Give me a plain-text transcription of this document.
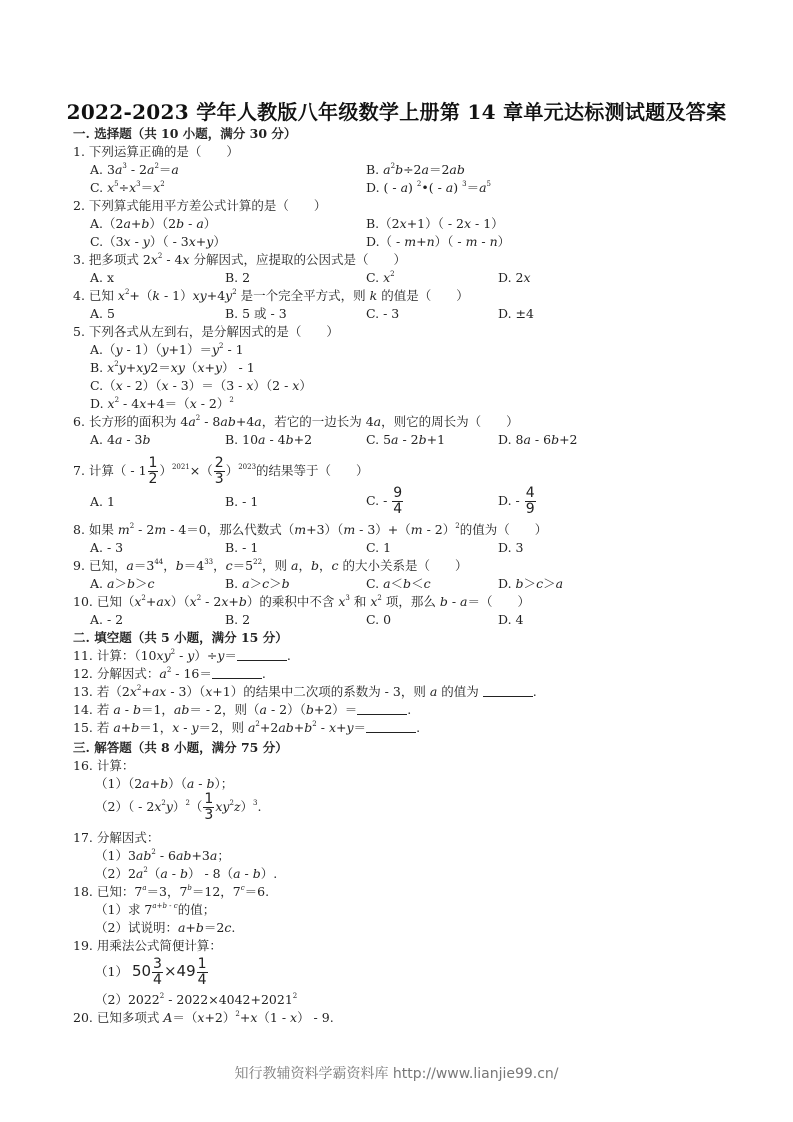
2022-2023 学年人教版八年级数学上册第 14 章单元达标测试题及答案
一. 选择题（共 10 小题，满分 30 分）
1. 下列运算正确的是（　　）
A. $3a^3 - 2a^2=a$	B. $a^2b\div 2a=2ab$
C. $x^5\div x^3=x^2$	D. ( - a) $^2$•( - a) $^3=a^5$
2. 下列算式能用平方差公式计算的是（　　）
A.（2a+b）（2b - a）	B.（2x+1）（ - 2x - 1）
C.（3x - y）（ - 3x+y）	D.（ - m+n）（ - m - n）
3. 把多项式 $2x^2 - 4x$ 分解因式，应提取的公因式是（　　）
A. x	B. 2	C. $x^2$	D. 2x
4. 已知 $x^2+(k - 1)xy+4y^2$ 是一个完全平方式，则 k 的值是（　　）
A. 5	B. 5 或 - 3	C. - 3	D. ±4
5. 下列各式从左到右，是分解因式的是（　　）
$A.(y - 1)(y+1)=y^2 - 1$
B. $x^2y+xy2=xy(x+y) - 1$
C.（x - 2）（x - 3）＝（3 - x）（2 - x）
D. $x^2 - 4x+4=(x - 2)^2$
6. 长方形的面积为 $4a^2 - 8ab+4a$，若它的一边长为 4a，则它的周长为（　　）
A. 4a - 3b	B. 10a - 4b+2	C. 5a - 2b+1	D. 8a - 6b+2
7. 计算（ - $1 \frac{1}{2} )^{2021}\times( \frac{2}{3} )^{2023}$的结果等于（　　）
A. 1	B. - 1	C. - $\frac{9}{4}$	D. - $\frac{4}{9}$
8. 如果 $m^2 - 2m - 4=0$，那么代数式（m+3）（m - 3）+（m - 2）$^2$的值为（　　）
A. - 3	B. - 1	C. 1	D. 3
9. 已知，$a=3^{44}$，$b=4^{33}$，$c=5^{22}$，则 a，b，c 的大小关系是（　　）
A. a＞b＞c	B. a＞c＞b	C. a＜b＜c	D. b＞c＞a
10. 已知$(x^2+ax)(x^2 - 2x+b)$的乘积中不含 $x^3$ 和 $x^2$ 项，那么 b - a＝（　　）
A. - 2	B. 2	C. 0	D. 4
二. 填空题（共 5 小题，满分 15 分）
11. 计算：$(10xy^2 - y)\div y=$	.
12. 分解因式：$a^2 - 16=$	.
13. 若$(2x^2+ax - 3)(x+1)$的结果中二次项的系数为 - 3，则 a 的值为	.
14. 若 a - b＝1，ab＝ - 2，则（a - 2）（b+2）＝	.
15. 若 a+b＝1，x - y＝2，则 $a^2+2ab+b^2 - x+y=$	.
三. 解答题（共 8 小题，满分 75 分）
16. 计算：
（1）（2a+b）（a - b）；
$(2)( - 2x^2y)^2( \frac{1}{3} xy^2z)^3$.
17. 分解因式：
$(1)3ab^2 - 6ab+3a$；
$(2)2a^2(a - b) - 8(a - b)$.
18. 已知：$7^a=3$，$7^b=12$，$7^c=6$.
（1）求 $7^{a+b - c}$的值；
（2）试说明：a+b＝2c.
19. 用乘法公式简便计算：
（1） $50 \frac{3}{4} \times 49 \frac{1}{4}$
$(2)2022^2 - 2022\times 4042+2021^2$
20. 已知多项式 $A=(x+2)^2+x(1 - x) - 9$.
知行教辅资料学霸资料库 http://www.lianjie99.cn/
